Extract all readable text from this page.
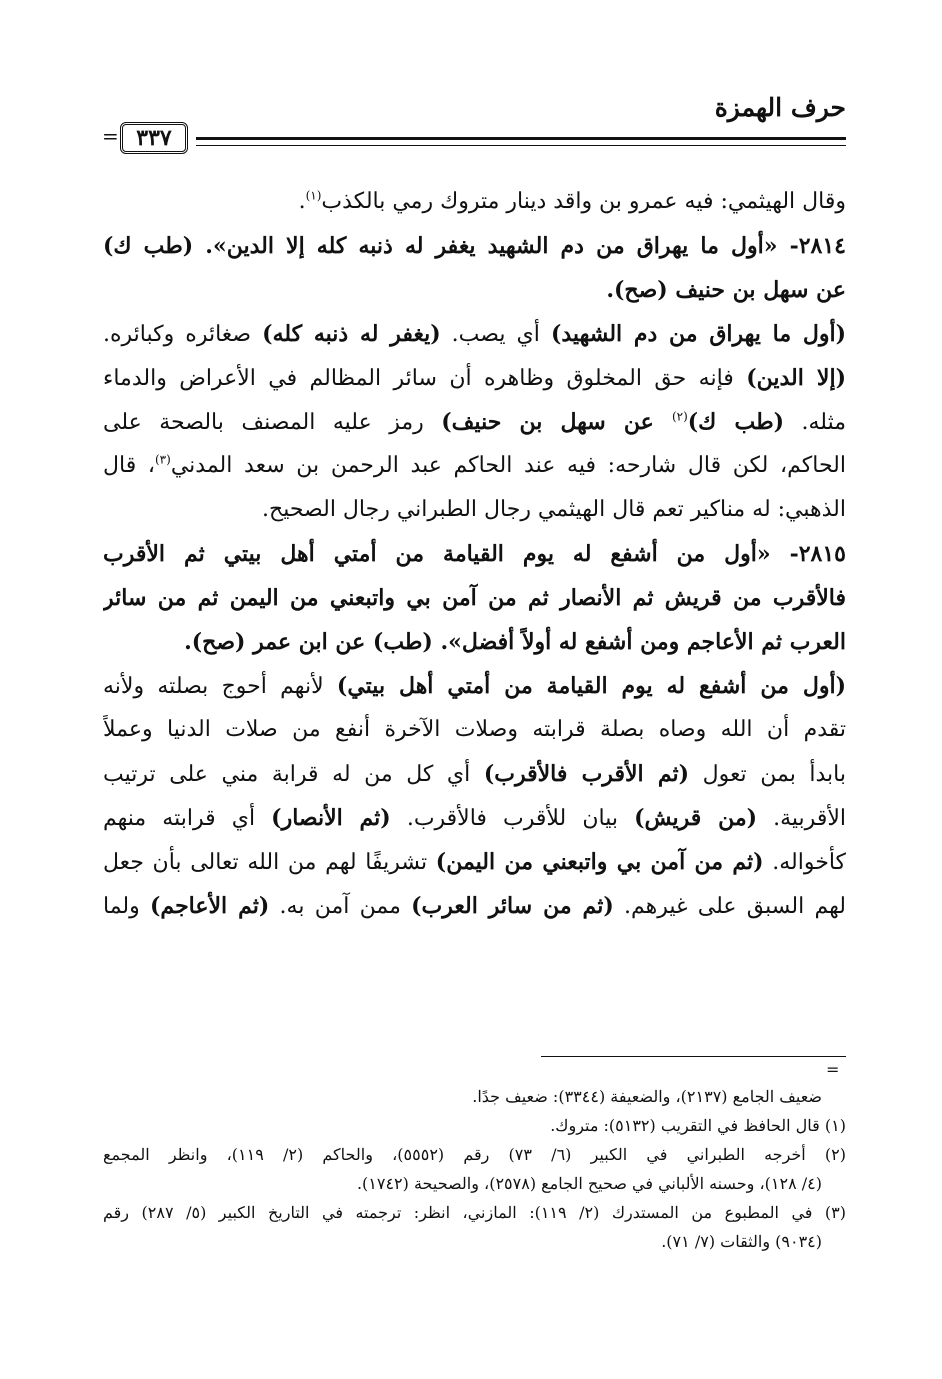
حرف الهمزة
٣٣٧
=
وقال الهيثمي: فيه عمرو بن واقد دينار متروك رمي بالكذب$^{(١)}$.
٢٨١٤- «أول ما يهراق من دم الشهيد يغفر له ذنبه كله إلا الدين». (طب ك)
عن سهل بن حنيف (صح).
(أول ما يهراق من دم الشهيد) أي يصب. (يغفر له ذنبه كله) صغائره وكبائره.
(إلا الدين) فإنه حق المخلوق وظاهره أن سائر المظالم في الأعراض والدماء
مثله. (طب ك)$^{(٢)}$ عن سهل بن حنيف) رمز عليه المصنف بالصحة على
الحاكم، لكن قال شارحه: فيه عند الحاكم عبد الرحمن بن سعد المدني$^{(٣)}$، قال
الذهبي: له مناكير تعم قال الهيثمي رجال الطبراني رجال الصحيح.
٢٨١٥- «أول من أشفع له يوم القيامة من أمتي أهل بيتي ثم الأقرب
فالأقرب من قريش ثم الأنصار ثم من آمن بي واتبعني من اليمن ثم من سائر
العرب ثم الأعاجم ومن أشفع له أولاً أفضل». (طب) عن ابن عمر (صح).
(أول من أشفع له يوم القيامة من أمتي أهل بيتي) لأنهم أحوج بصلته ولأنه
تقدم أن الله وصاه بصلة قرابته وصلات الآخرة أنفع من صلات الدنيا وعملاً
بابدأ بمن تعول (ثم الأقرب فالأقرب) أي كل من له قرابة مني على ترتيب
الأقربية. (من قريش) بيان للأقرب فالأقرب. (ثم الأنصار) أي قرابته منهم
كأخواله. (ثم من آمن بي واتبعني من اليمن) تشريفًا لهم من الله تعالى بأن جعل
لهم السبق على غيرهم. (ثم من سائر العرب) ممن آمن به. (ثم الأعاجم) ولما
=
ضعيف الجامع (٢١٣٧)، والضعيفة (٣٣٤٤): ضعيف جدًا.
(١) قال الحافظ في التقريب (٥١٣٢): متروك.
(٢) أخرجه الطبراني في الكبير (٦/ ٧٣) رقم (٥٥٥٢)، والحاكم (٢/ ١١٩)، وانظر المجمع
(٤/ ١٢٨)، وحسنه الألباني في صحيح الجامع (٢٥٧٨)، والصحيحة (١٧٤٢).
(٣) في المطبوع من المستدرك (٢/ ١١٩): المازني، انظر: ترجمته في التاريخ الكبير (٥/ ٢٨٧) رقم
(٩٠٣٤) والثقات (٧/ ٧١).
